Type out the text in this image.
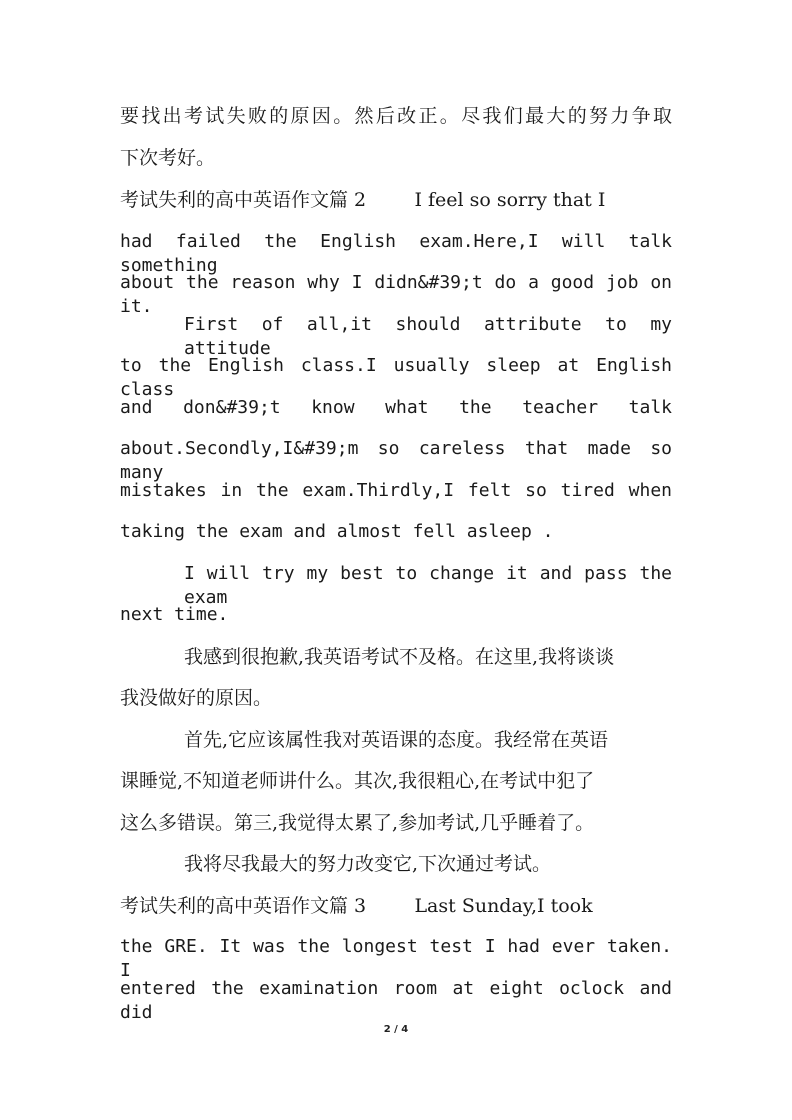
要找出考试失败的原因。然后改正。尽我们最大的努力争取
下次考好。
考试失利的高中英语作文篇 2        I feel so sorry that I
had failed the English exam.Here,I will talk something
about the reason why I didn&#39;t do a good job on it.
First of all,it should attribute to my attitude
to the English class.I usually sleep at English class
and don&#39;t know what the teacher talk
about.Secondly,I&#39;m so careless that made so many
mistakes in the exam.Thirdly,I felt so tired when
taking the exam and almost fell asleep .
I will try my best to change it and pass the exam
next time.
我感到很抱歉,我英语考试不及格。在这里,我将谈谈
我没做好的原因。
首先,它应该属性我对英语课的态度。我经常在英语
课睡觉,不知道老师讲什么。其次,我很粗心,在考试中犯了
这么多错误。第三,我觉得太累了,参加考试,几乎睡着了。
我将尽我最大的努力改变它,下次通过考试。
考试失利的高中英语作文篇 3        Last Sunday,I took
the GRE. It was the longest test I had ever taken. I
entered the examination room at eight oclock and did
2 / 4
